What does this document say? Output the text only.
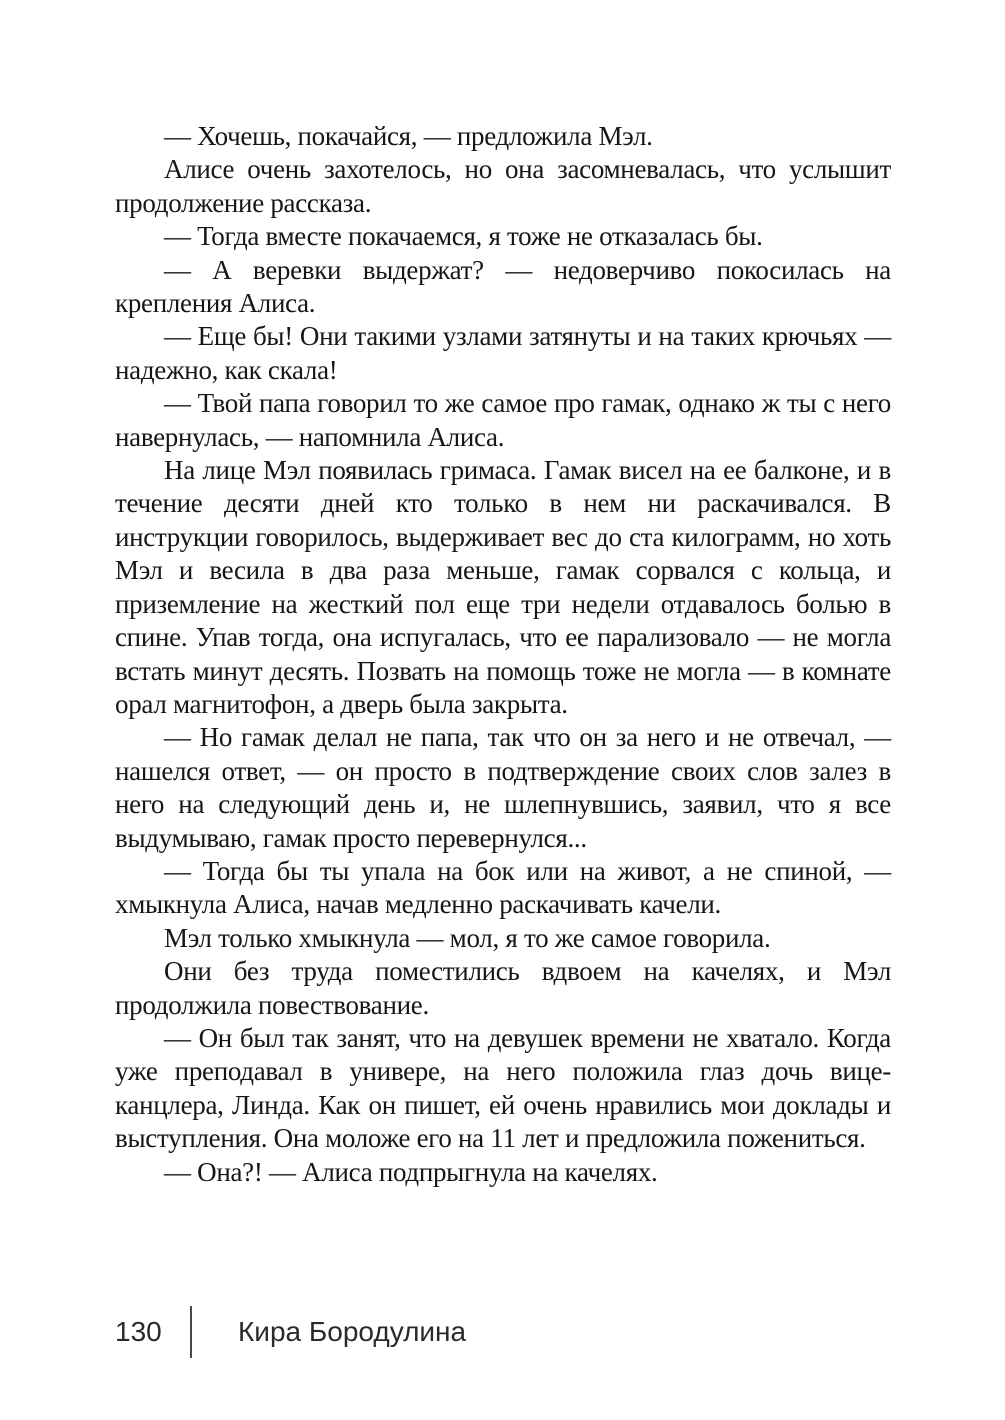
— Хочешь, покачайся, — предложила Мэл.

Алисе очень захотелось, но она засомневалась, что услышит продолжение рассказа.

— Тогда вместе покачаемся, я тоже не отказалась бы.

— А веревки выдержат? — недоверчиво покосилась на крепления Алиса.

— Еще бы! Они такими узлами затянуты и на таких крючьях — надежно, как скала!

— Твой папа говорил то же самое про гамак, однако ж ты с него навернулась, — напомнила Алиса.

На лице Мэл появилась гримаса. Гамак висел на ее балконе, и в течение десяти дней кто только в нем ни раскачивался. В инструкции говорилось, выдерживает вес до ста килограмм, но хоть Мэл и весила в два раза меньше, гамак сорвался с кольца, и приземление на жесткий пол еще три недели отдавалось болью в спине. Упав тогда, она испугалась, что ее парализовало — не могла встать минут десять. Позвать на помощь тоже не могла — в комнате орал магнитофон, а дверь была закрыта.

— Но гамак делал не папа, так что он за него и не отвечал, — нашелся ответ, — он просто в подтверждение своих слов залез в него на следующий день и, не шлепнувшись, заявил, что я все выдумываю, гамак просто перевернулся...

— Тогда бы ты упала на бок или на живот, а не спиной, — хмыкнула Алиса, начав медленно раскачивать качели.

Мэл только хмыкнула — мол, я то же самое говорила.

Они без труда поместились вдвоем на качелях, и Мэл продолжила повествование.

— Он был так занят, что на девушек времени не хватало. Когда уже преподавал в универе, на него положила глаз дочь вице-канцлера, Линда. Как он пишет, ей очень нравились мои доклады и выступления. Она моложе его на 11 лет и предложила пожениться.

— Она?! — Алиса подпрыгнула на качелях.

130	Кира Бородулина
